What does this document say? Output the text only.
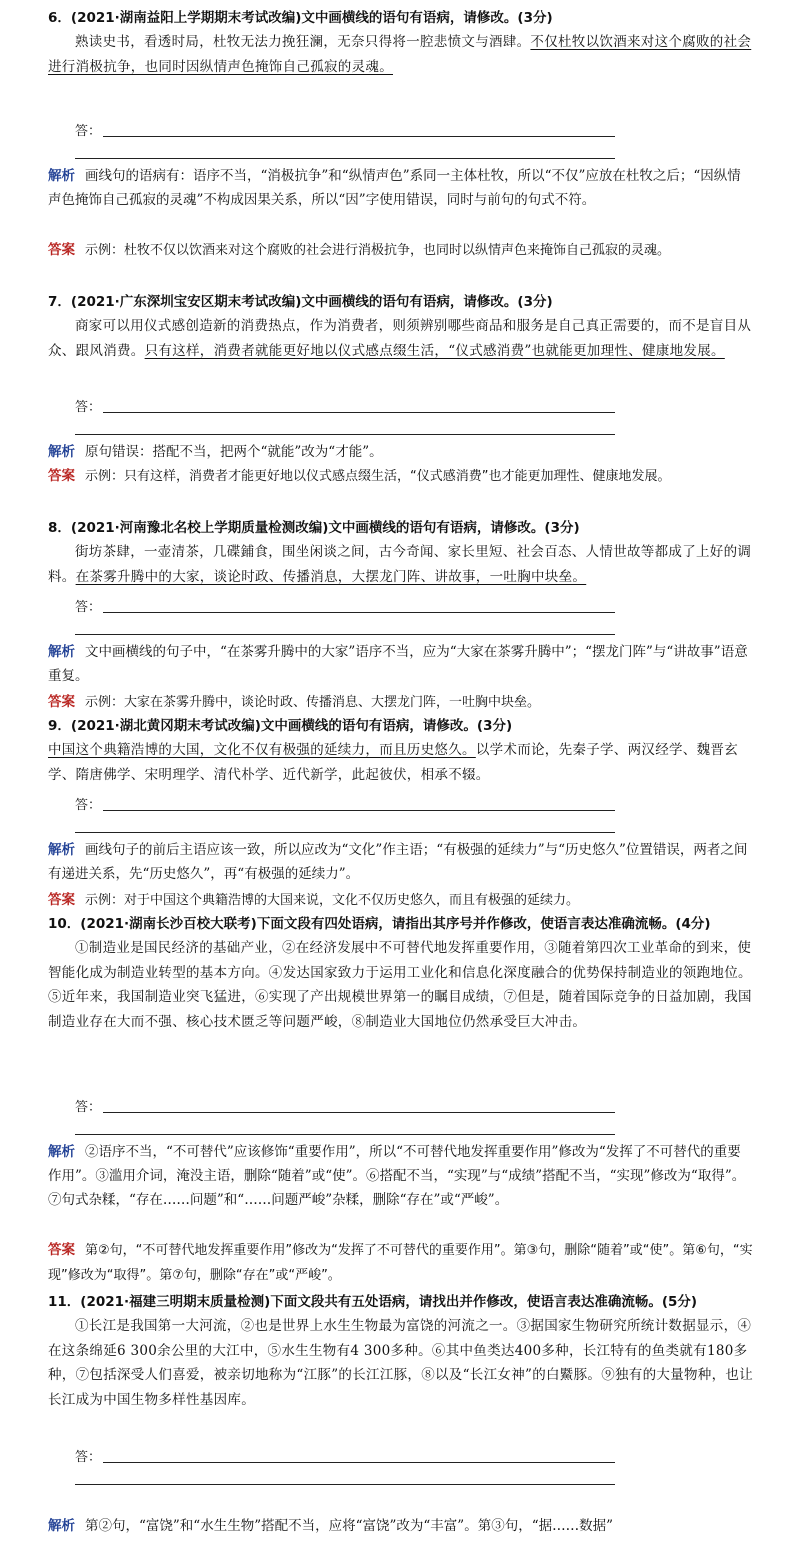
6．(2021·湖南益阳上学期期末考试改编)文中画横线的语句有语病，请修改。(3分)
熟读史书，看透时局，杜牧无法力挽狂澜，无奈只得将一腔悲愤文与酒肆。不仅杜牧以饮酒来对这个腐败的社会进行消极抗争，也同时因纵情声色掩饰自己孤寂的灵魂。
答：
解析 画线句的语病有：语序不当，“消极抗争”和“纵情声色”系同一主体杜牧，所以“不仅”应放在杜牧之后；“因纵情声色掩饰自己孤寂的灵魂”不构成因果关系，所以“因”字使用错误，同时与前句的句式不符。
答案 示例：杜牧不仅以饮酒来对这个腐败的社会进行消极抗争，也同时以纵情声色来掩饰自己孤寂的灵魂。
7．(2021·广东深圳宝安区期末考试改编)文中画横线的语句有语病，请修改。(3分)
商家可以用仪式感创造新的消费热点，作为消费者，则须辨别哪些商品和服务是自己真正需要的，而不是盲目从众、跟风消费。只有这样，消费者就能更好地以仪式感点缀生活，“仪式感消费”也就能更加理性、健康地发展。
答：
解析 原句错误：搭配不当，把两个“就能”改为“才能”。
答案 示例：只有这样，消费者才能更好地以仪式感点缀生活，“仪式感消费”也才能更加理性、健康地发展。
8．(2021·河南豫北名校上学期质量检测改编)文中画横线的语句有语病，请修改。(3分)
街坊茶肆，一壶清茶，几碟鋪食，围坐闲谈之间，古今奇闻、家长里短、社会百态、人情世故等都成了上好的调料。在茶雾升腾中的大家，谈论时政、传播消息，大摆龙门阵、讲故事，一吐胸中块垒。
答：
解析 文中画横线的句子中，“在茶雾升腾中的大家”语序不当，应为“大家在茶雾升腾中”；“摆龙门阵”与“讲故事”语意重复。
答案 示例：大家在茶雾升腾中，谈论时政、传播消息、大摆龙门阵，一吐胸中块垒。
9．(2021·湖北黄冈期末考试改编)文中画横线的语句有语病，请修改。(3分)
中国这个典籍浩博的大国，文化不仅有极强的延续力，而且历史悠久。以学术而论，先秦子学、两汉经学、魏晋玄学、隋唐佛学、宋明理学、清代朴学、近代新学，此起彼伏，相承不辍。
答：
解析 画线句子的前后主语应该一致，所以应改为“文化”作主语；“有极强的延续力”与“历史悠久”位置错误，两者之间有递进关系，先“历史悠久”，再“有极强的延续力”。
答案 示例：对于中国这个典籍浩博的大国来说，文化不仅历史悠久，而且有极强的延续力。
10．(2021·湖南长沙百校大联考)下面文段有四处语病，请指出其序号并作修改，使语言表达准确流畅。(4分)
①制造业是国民经济的基础产业，②在经济发展中不可替代地发挥重要作用，③随着第四次工业革命的到来，使智能化成为制造业转型的基本方向。④发达国家致力于运用工业化和信息化深度融合的优势保持制造业的领跑地位。⑤近年来，我国制造业突飞猛进，⑥实现了产出规模世界第一的瞩目成绩，⑦但是，随着国际竞争的日益加剧，我国制造业存在大而不强、核心技术匮乏等问题严峻，⑧制造业大国地位仍然承受巨大冲击。
答：
解析 ②语序不当，“不可替代”应该修饰“重要作用”，所以“不可替代地发挥重要作用”修改为“发挥了不可替代的重要作用”。③滥用介词，淹没主语，删除“随着”或“使”。⑥搭配不当，“实现”与“成绩”搭配不当，“实现”修改为“取得”。⑦句式杂糅，“存在……问题”和“……问题严峻”杂糅，删除“存在”或“严峻”。
答案 第②句，“不可替代地发挥重要作用”修改为“发挥了不可替代的重要作用”。第③句，删除“随着”或“使”。第⑥句，“实现”修改为“取得”。第⑦句，删除“存在”或“严峻”。
11．(2021·福建三明期末质量检测)下面文段共有五处语病，请找出并作修改，使语言表达准确流畅。(5分)
①长江是我国第一大河流，②也是世界上水生生物最为富饶的河流之一。③据国家生物研究所统计数据显示，④在这条绵延6 300余公里的大江中，⑤水生生物有4 300多种。⑥其中鱼类达400多种，长江特有的鱼类就有180多种，⑦包括深受人们喜爱，被亲切地称为“江豚”的长江江豚，⑧以及“长江女神”的白鱀豚。⑨独有的大量物种，也让长江成为中国生物多样性基因库。
答：
解析 第②句，“富饶”和“水生生物”搭配不当，应将“富饶”改为“丰富”。第③句，“据……数据”
